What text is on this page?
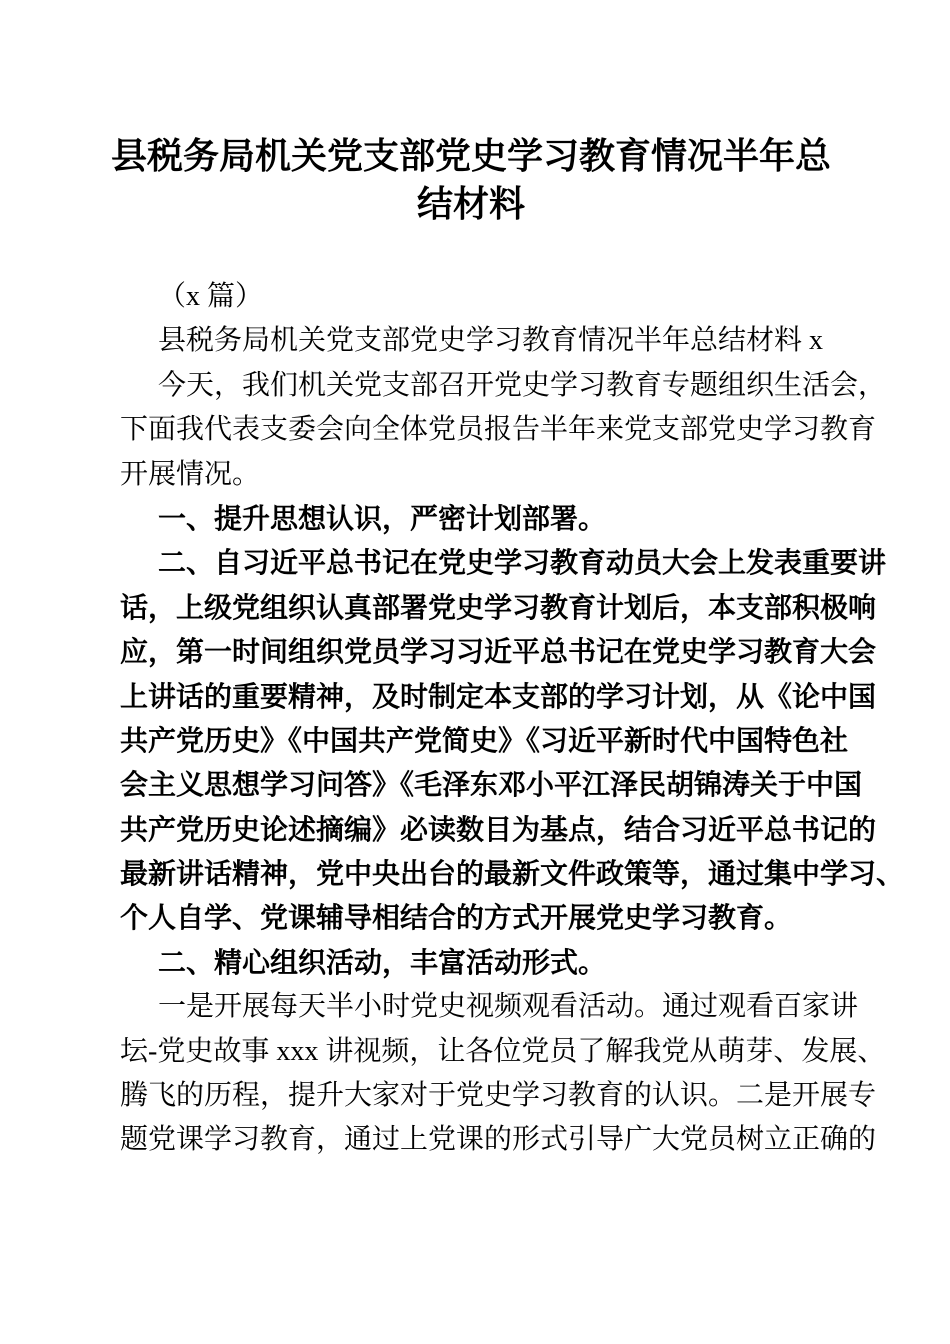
县税务局机关党支部党史学习教育情况半年总
结材料
（x 篇）
县税务局机关党支部党史学习教育情况半年总结材料 x
今天，我们机关党支部召开党史学习教育专题组织生活会，
下面我代表支委会向全体党员报告半年来党支部党史学习教育
开展情况。
一、提升思想认识，严密计划部署。
二、自习近平总书记在党史学习教育动员大会上发表重要讲
话，上级党组织认真部署党史学习教育计划后，本支部积极响
应，第一时间组织党员学习习近平总书记在党史学习教育大会
上讲话的重要精神，及时制定本支部的学习计划，从《论中国
共产党历史》《中国共产党简史》《习近平新时代中国特色社
会主义思想学习问答》《毛泽东邓小平江泽民胡锦涛关于中国
共产党历史论述摘编》必读数目为基点，结合习近平总书记的
最新讲话精神，党中央出台的最新文件政策等，通过集中学习、
个人自学、党课辅导相结合的方式开展党史学习教育。
二、精心组织活动，丰富活动形式。
一是开展每天半小时党史视频观看活动。通过观看百家讲
坛-党史故事 xxx 讲视频，让各位党员了解我党从萌芽、发展、
腾飞的历程，提升大家对于党史学习教育的认识。二是开展专
题党课学习教育，通过上党课的形式引导广大党员树立正确的
